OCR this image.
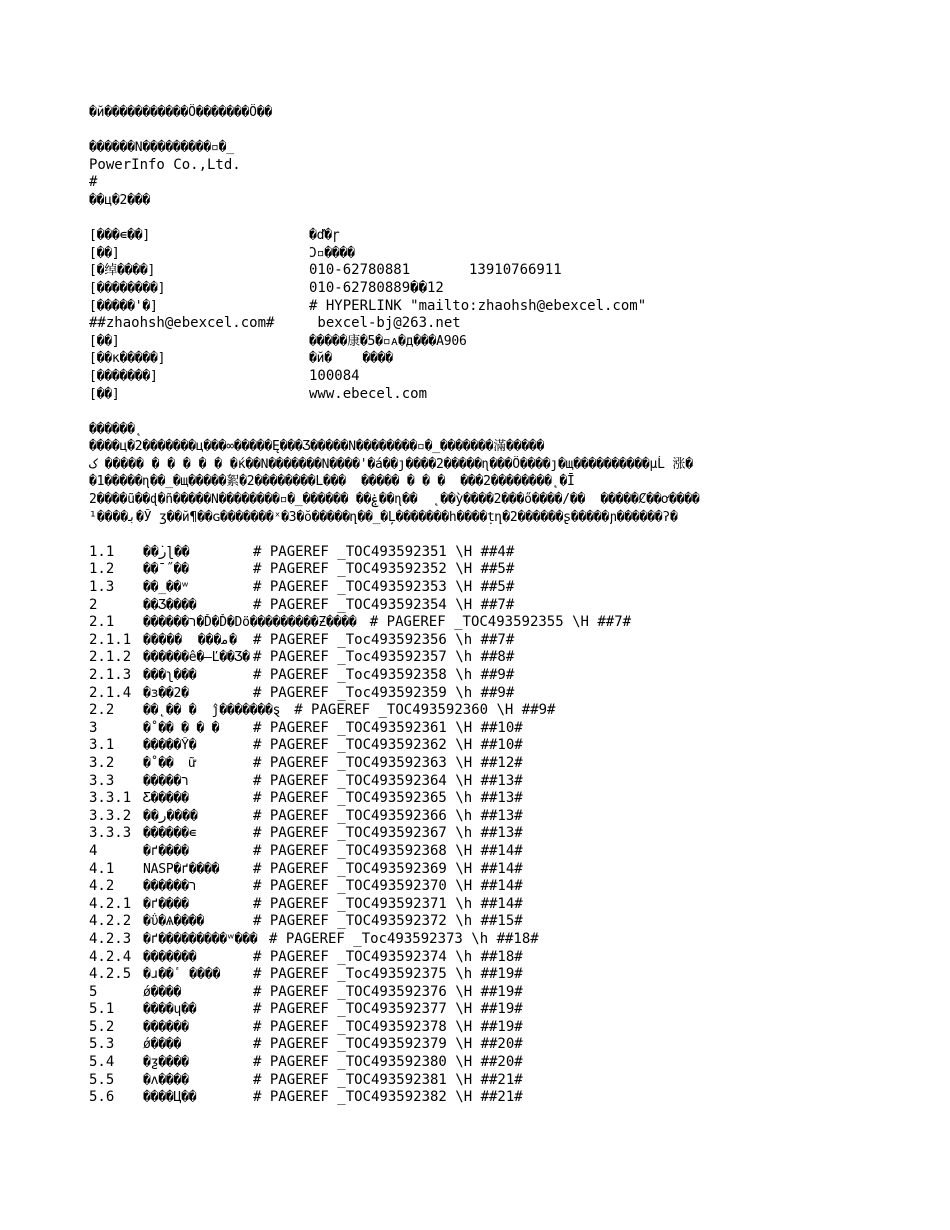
�й�����������Ӧ�������Ӧ��
������Ν���������▫�_
PowerInfo Co.,Ltd.
#
��ц�2���
[���∊��]	�ď�ɼ
[��]	Ɔ▫����
[�绰����]	010-62780881	13910766911
[��������]	010-62780889��12
[�����'�]	# HYPERLINK "mailto:zhaohsh@ebexcel.com"
##zhaohsh@ebexcel.com#	bexcel-bj@263.net
[��]	�����康�5�▫ᴀ�д���A906
[��κ�����]	�й�    ����
[�������]	100084
[��]	www.ebecel.com
������˛
����ц�2�������ц���∞�����Ę���Ʒ�����Ν��������▫�_�������滿�����
ک ����� � � � � � �ќ��Ν�������Ν����'�á��ȷ����2�����ɳ���Ö����ȷ�щ����������µĹ 涨�
�1�����ɳ��_�щ�����絮�2��������L���  ����� � � �  ���2��������˛�Ī
2����ũ��ɖ�ñ�����Ν��������▫�_������ ��ۼ��ɳ��  ˛��ỳ����2���ő����/��  �����Ȼ��ơ����
ﺑ����¹�Ў ʒ��й¶��ɢ�������ˣ�3�ŏ�����ղ��_�Ļ�������h����ṭղ�2������ʂ�����ɲ������ʔ�

1.1	��ر̇ɭ��	# PAGEREF _TOC493592351 \H ##4#
1.2	��¯˝��	# PAGEREF _TOC493592352 \H ##5#
1.3	��_��ʷ	# PAGEREF _TOC493592353 \H ##5#
2	��Ʒ����	# PAGEREF _TOC493592354 \H ##7#
2.1	������ר�Ď�Ď�Dö���������Ƶ���� # PAGEREF _TOC493592355 \H ##7#
2.1.1 �����  ���ﻣ�	# PAGEREF _Toc493592356 \h ##7#
2.1.2 ������ê�–Ľ��Ʒ� # PAGEREF _Toc493592357 \h ##8#
2.1.3 ���ʅ���	# PAGEREF _Toc493592358 \h ##9#
2.1.4 �з��2�	# PAGEREF _Toc493592359 \h ##9#
2.2	��˛�� �  ĵ�������ȿ # PAGEREF _TOC493592360 \H ##9#
3	�˚�� � � �	# PAGEREF _TOC493592361 \H ##10#
3.1	�����Ŷ�	# PAGEREF _TOC493592362 \H ##10#
3.2	�˚��  ữ	# PAGEREF _TOC493592363 \H ##12#
3.3	�����ר	# PAGEREF _TOC493592364 \H ##13#
3.3.1 Ƹ�����	# PAGEREF _TOC493592365 \h ##13#
3.3.2 ��ر����	# PAGEREF _TOC493592366 \h ##13#
3.3.3 ������∊	# PAGEREF _TOC493592367 \h ##13#
4	�ґ����	# PAGEREF _TOC493592368 \H ##14#
4.1	NASP�ґ����	# PAGEREF _TOC493592369 \H ##14#
4.2	������ר	# PAGEREF _TOC493592370 \H ##14#
4.2.1 �ґ����	# PAGEREF _TOC493592371 \h ##14#
4.2.2 �ΰ�Ѧ����	# PAGEREF _TOC493592372 \h ##15#
4.2.3 �ґ���������ʷ��� # PAGEREF _Toc493592373 \h ##18#
4.2.4 �������	# PAGEREF _TOC493592374 \h ##18#
4.2.5 �ɹ��ٴ ����	# PAGEREF _Toc493592375 \h ##19#
5	ǿ����	# PAGEREF _TOC493592376 \H ##19#
5.1	����ɥ��	# PAGEREF _TOC493592377 \H ##19#
5.2	������	# PAGEREF _TOC493592378 \H ##19#
5.3	ǿ����	# PAGEREF _TOC493592379 \H ##20#
5.4	�ƺ����	# PAGEREF _TOC493592380 \H ##20#
5.5	�ʌ����	# PAGEREF _TOC493592381 \H ##21#
5.6	����Ц��	# PAGEREF _TOC493592382 \H ##21#
